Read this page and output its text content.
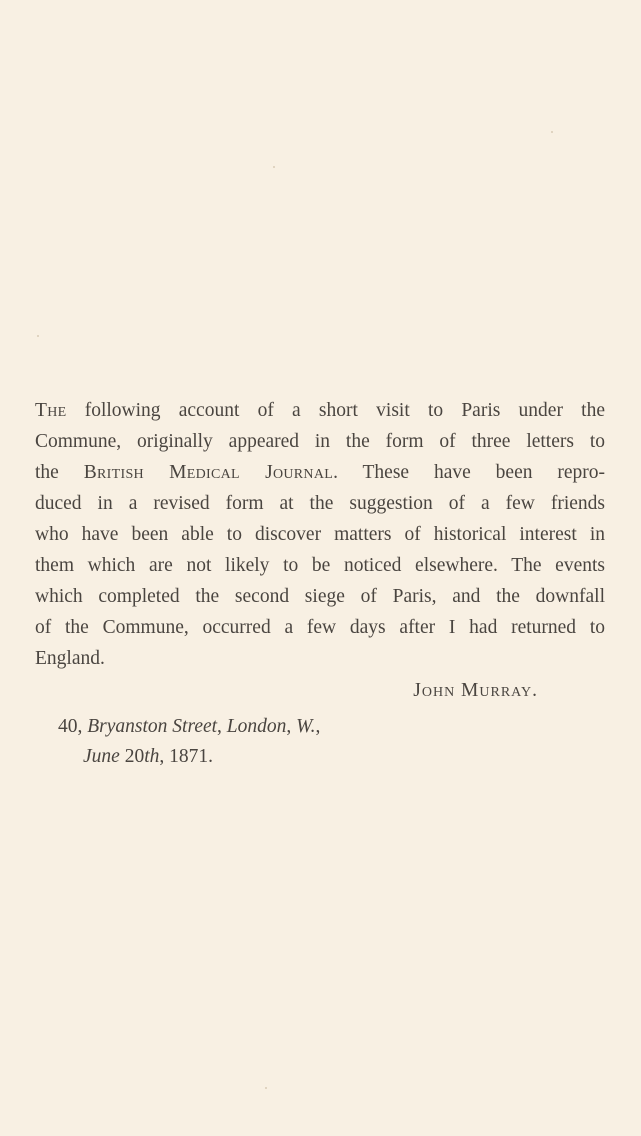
The following account of a short visit to Paris under the
Commune, originally appeared in the form of three letters to
the British Medical Journal. These have been repro-
duced in a revised form at the suggestion of a few friends
who have been able to discover matters of historical interest in
them which are not likely to be noticed elsewhere. The events
which completed the second siege of Paris, and the downfall
of the Commune, occurred a few days after I had returned to
England.
John Murray.
40, Bryanston Street, London, W.,
June 20th, 1871.
